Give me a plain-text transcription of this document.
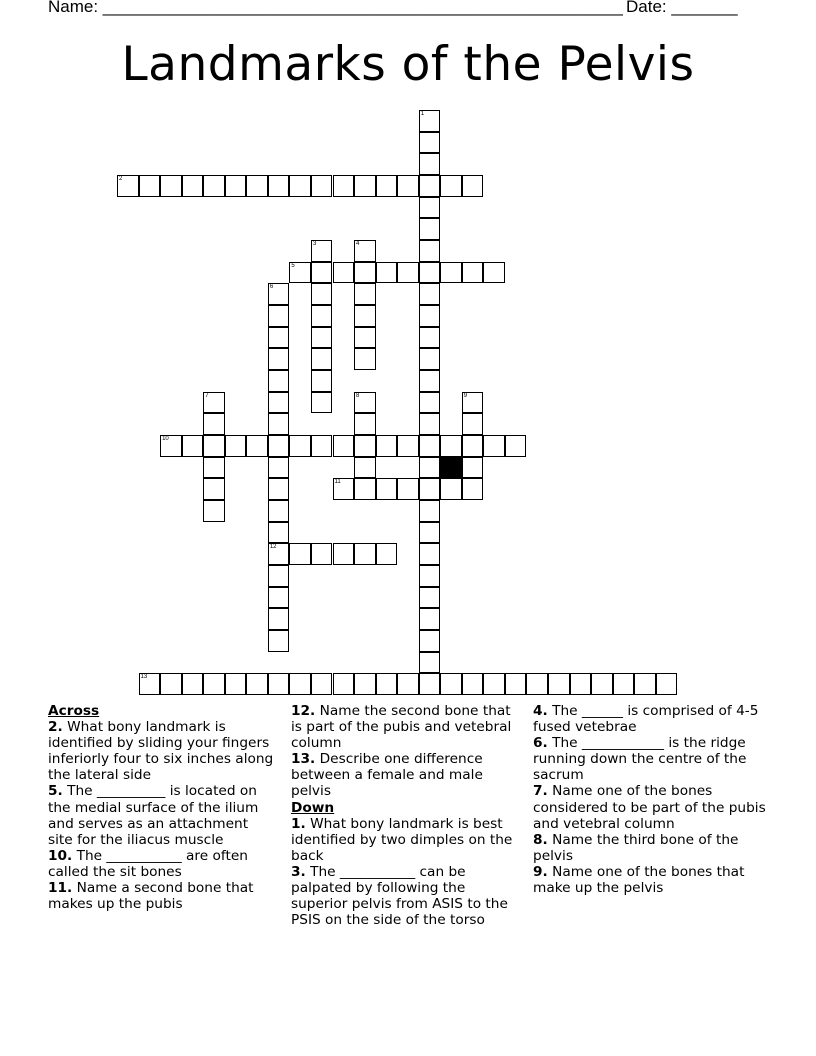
Name: _______________________________________________________ Date: _______
Landmarks of the Pelvis
2
5
10
11
12
13
1
3	4
6
7	8	9
Across
2. What bony landmark is identified by sliding your fingers inferiorly four to six inches along the lateral side
5. The __________ is located on the medial surface of the ilium and serves as an attachment site for the iliacus muscle
10. The ___________ are often called the sit bones
11. Name a second bone that makes up the pubis
12. Name the second bone that is part of the pubis and vetebral column
13. Describe one difference between a female and male pelvis
Down
1. What bony landmark is best identified by two dimples on the back
3. The ___________ can be palpated by following the superior pelvis from ASIS to the PSIS on the side of the torso
4. The ______ is comprised of 4-5 fused vetebrae
6. The ____________ is the ridge running down the centre of the sacrum
7. Name one of the bones considered to be part of the pubis and vetebral column
8. Name the third bone of the pelvis
9. Name one of the bones that make up the pelvis
